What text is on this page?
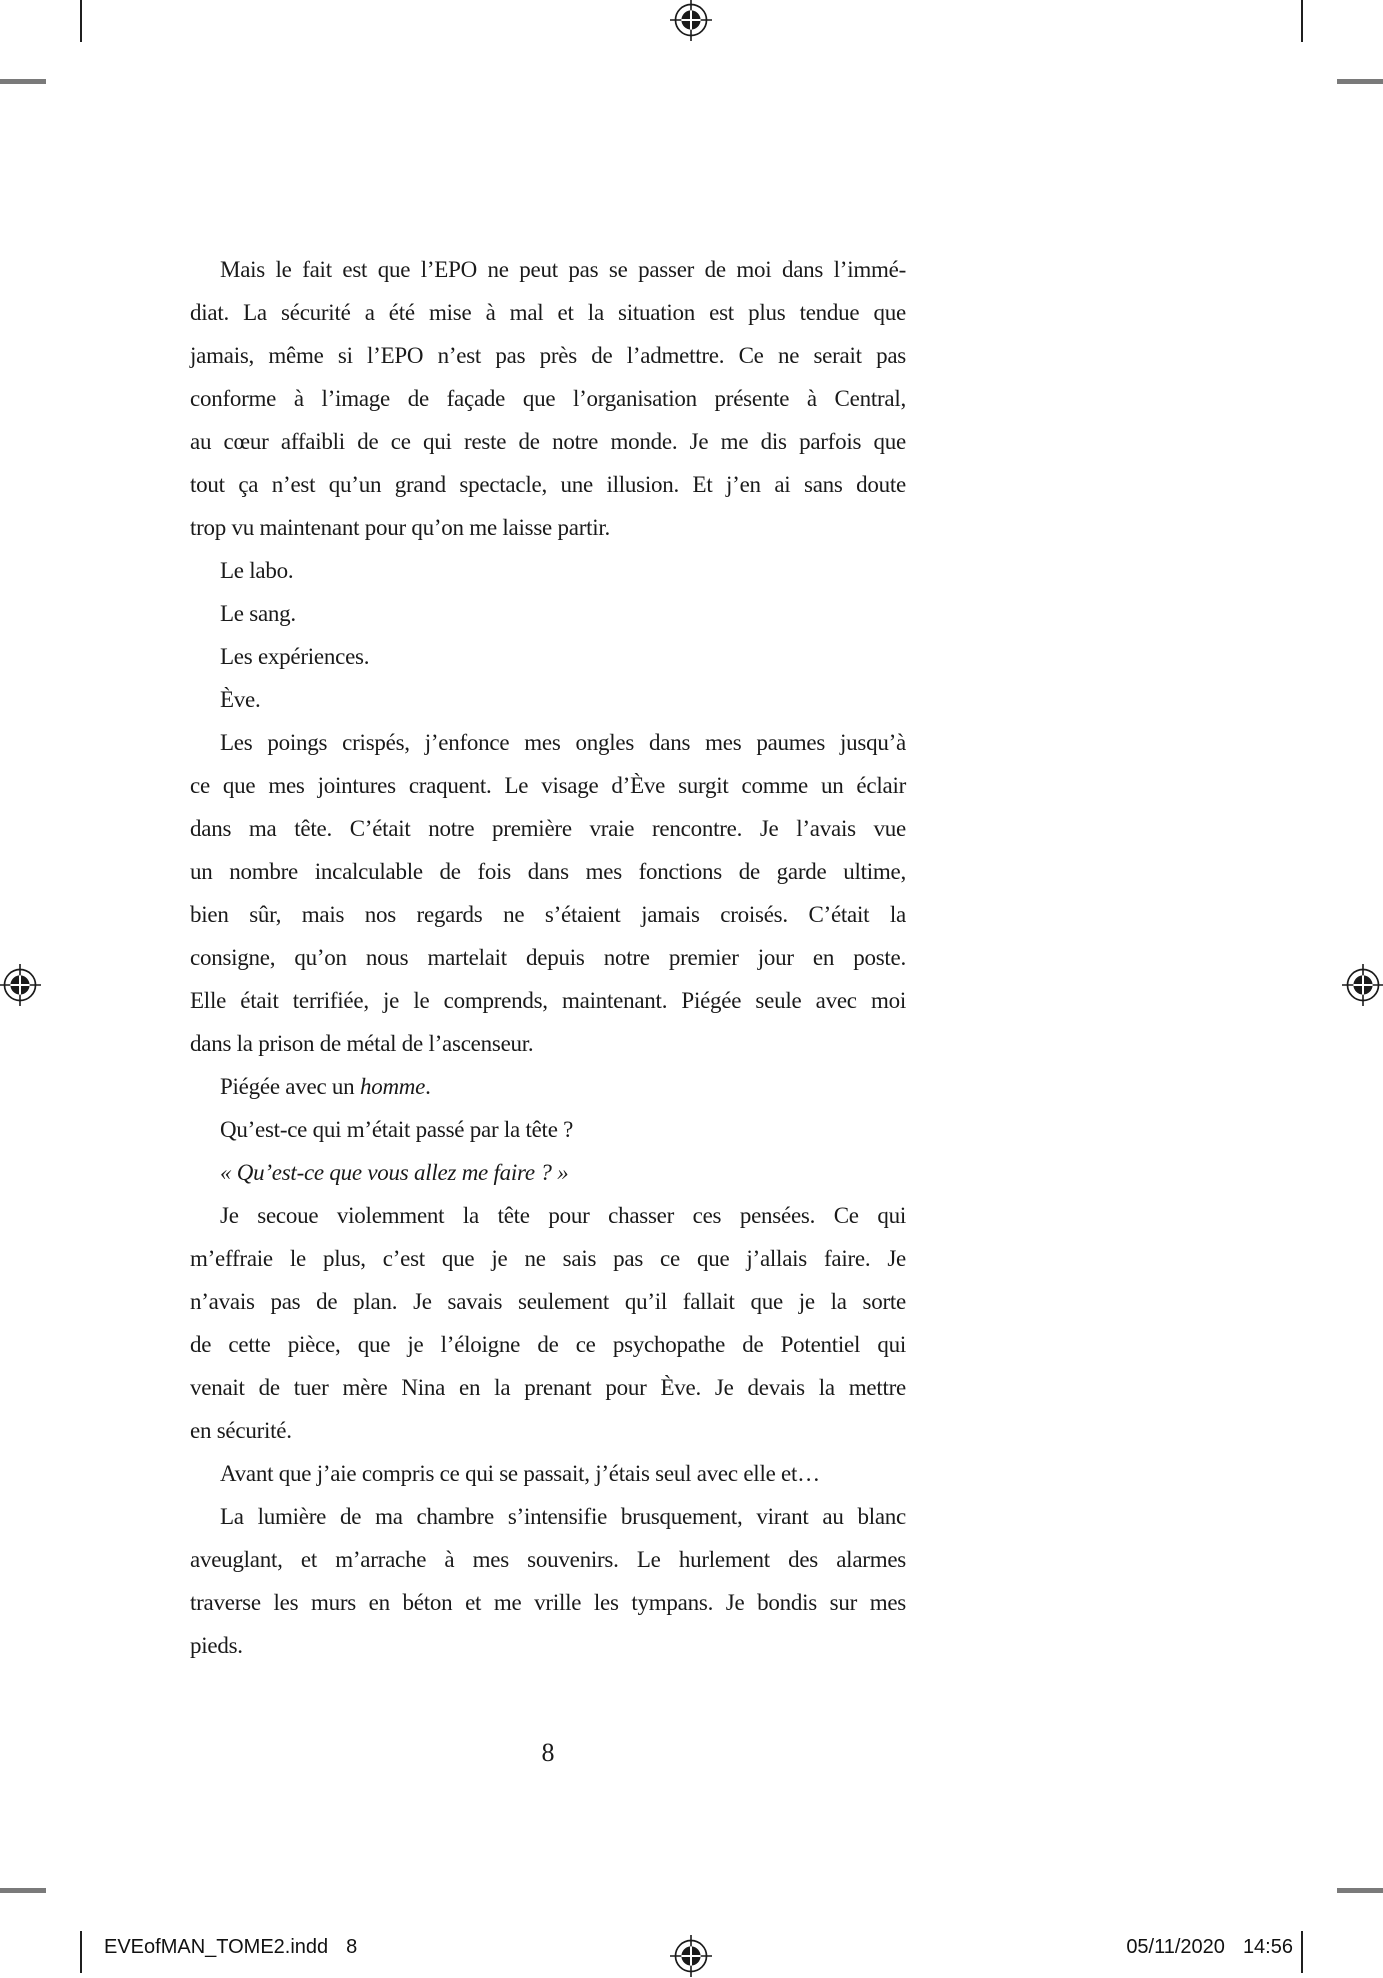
Mais le fait est que l’EPO ne peut pas se passer de moi dans l’immé-
diat. La sécurité a été mise à mal et la situation est plus tendue que
jamais, même si l’EPO n’est pas près de l’admettre. Ce ne serait pas
conforme à l’image de façade que l’organisation présente à Central,
au cœur affaibli de ce qui reste de notre monde. Je me dis parfois que
tout ça n’est qu’un grand spectacle, une illusion. Et j’en ai sans doute
trop vu maintenant pour qu’on me laisse partir.
Le labo.
Le sang.
Les expériences.
Ève.
Les poings crispés, j’enfonce mes ongles dans mes paumes jusqu’à
ce que mes jointures craquent. Le visage d’Ève surgit comme un éclair
dans ma tête. C’était notre première vraie rencontre. Je l’avais vue
un nombre incalculable de fois dans mes fonctions de garde ultime,
bien sûr, mais nos regards ne s’étaient jamais croisés. C’était la
consigne, qu’on nous martelait depuis notre premier jour en poste.
Elle était terrifiée, je le comprends, maintenant. Piégée seule avec moi
dans la prison de métal de l’ascenseur.
Piégée avec un homme.
Qu’est-ce qui m’était passé par la tête ?
« Qu’est-ce que vous allez me faire ? »
Je secoue violemment la tête pour chasser ces pensées. Ce qui
m’effraie le plus, c’est que je ne sais pas ce que j’allais faire. Je
n’avais pas de plan. Je savais seulement qu’il fallait que je la sorte
de cette pièce, que je l’éloigne de ce psychopathe de Potentiel qui
venait de tuer mère Nina en la prenant pour Ève. Je devais la mettre
en sécurité.
Avant que j’aie compris ce qui se passait, j’étais seul avec elle et…
La lumière de ma chambre s’intensifie brusquement, virant au blanc
aveuglant, et m’arrache à mes souvenirs. Le hurlement des alarmes
traverse les murs en béton et me vrille les tympans. Je bondis sur mes
pieds.
8
EVEofMAN_TOME2.indd 8	05/11/2020 14:56
